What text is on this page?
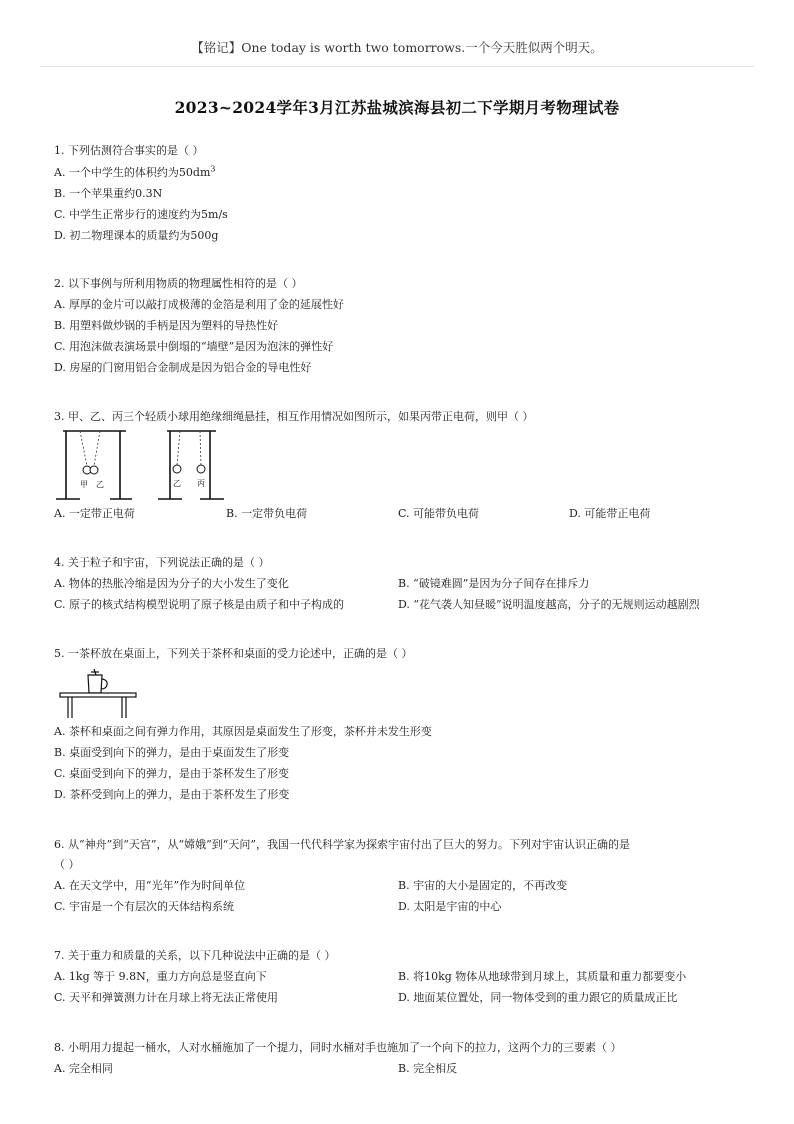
【铭记】One today is worth two tomorrows.一个今天胜似两个明天。
2023~2024学年3月江苏盐城滨海县初二下学期月考物理试卷
1. 下列估测符合事实的是（ ）
A. 一个中学生的体积约为$50dm^3$
B. 一个苹果重约0.3N
C. 中学生正常步行的速度约为5m/s
D. 初二物理课本的质量约为500g
2. 以下事例与所利用物质的物理属性相符的是（ ）
A. 厚厚的金片可以敲打成极薄的金箔是利用了金的延展性好
B. 用塑料做炒锅的手柄是因为塑料的导热性好
C. 用泡沫做表演场景中倒塌的“墙壁”是因为泡沫的弹性好
D. 房屋的门窗用铝合金制成是因为铝合金的导电性好
3. 甲、乙、丙三个轻质小球用绝缘细绳悬挂，相互作用情况如图所示，如果丙带正电荷，则甲（ ）
甲 乙	乙 丙
A. 一定带正电荷	B. 一定带负电荷	C. 可能带负电荷	D. 可能带正电荷
4. 关于粒子和宇宙，下列说法正确的是（ ）
A. 物体的热胀冷缩是因为分子的大小发生了变化	B. “破镜难圆”是因为分子间存在排斥力
C. 原子的核式结构模型说明了原子核是由质子和中子构成的	D. “花气袭人知昼暖”说明温度越高，分子的无规则运动越剧烈
5. 一茶杯放在桌面上，下列关于茶杯和桌面的受力论述中，正确的是（ ）
A. 茶杯和桌面之间有弹力作用，其原因是桌面发生了形变，茶杯并未发生形变
B. 桌面受到向下的弹力，是由于桌面发生了形变
C. 桌面受到向下的弹力，是由于茶杯发生了形变
D. 茶杯受到向上的弹力，是由于茶杯发生了形变
6. 从“神舟”到“天宫”，从“嫦娥”到“天问”，我国一代代科学家为探索宇宙付出了巨大的努力。下列对宇宙认识正确的是
（ ）
A. 在天文学中，用“光年”作为时间单位	B. 宇宙的大小是固定的，不再改变
C. 宇宙是一个有层次的天体结构系统	D. 太阳是宇宙的中心
7. 关于重力和质量的关系，以下几种说法中正确的是（ ）
A. 1kg 等于 9.8N，重力方向总是竖直向下	B. 将10kg 物体从地球带到月球上，其质量和重力都要变小
C. 天平和弹簧测力计在月球上将无法正常使用	D. 地面某位置处，同一物体受到的重力跟它的质量成正比
8. 小明用力提起一桶水，人对水桶施加了一个提力，同时水桶对手也施加了一个向下的拉力，这两个力的三要素（ ）
A. 完全相同	B. 完全相反
